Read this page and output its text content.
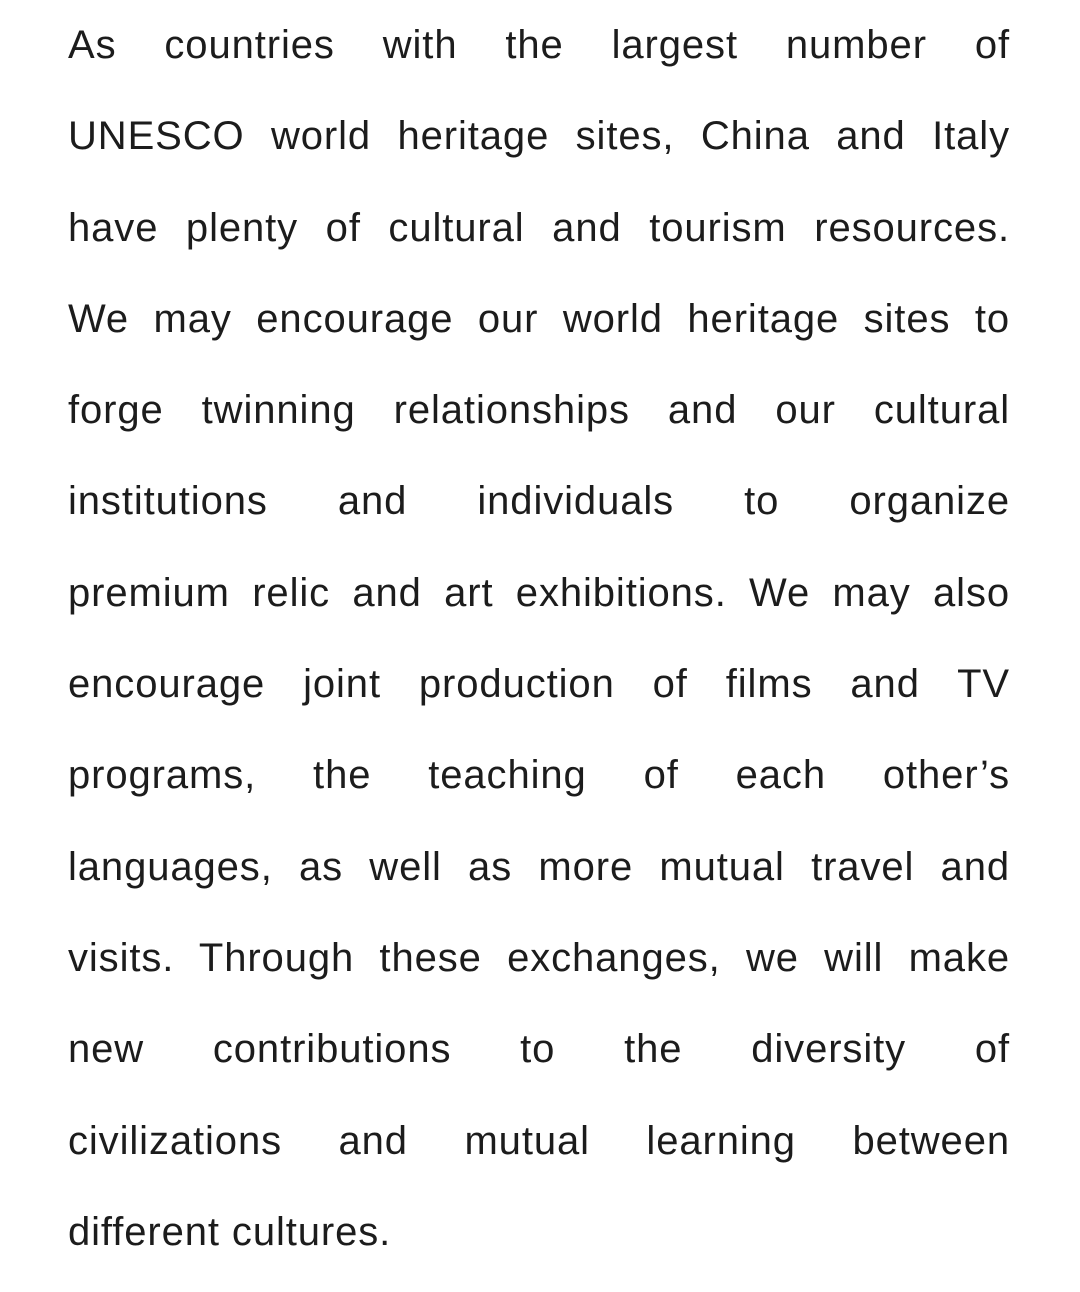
As countries with the largest number of
UNESCO world heritage sites, China and Italy
have plenty of cultural and tourism resources.
We may encourage our world heritage sites to
forge twinning relationships and our cultural
institutions and individuals to organize
premium relic and art exhibitions. We may also
encourage joint production of films and TV
programs, the teaching of each other’s
languages, as well as more mutual travel and
visits. Through these exchanges, we will make
new contributions to the diversity of
civilizations and mutual learning between
different cultures.
